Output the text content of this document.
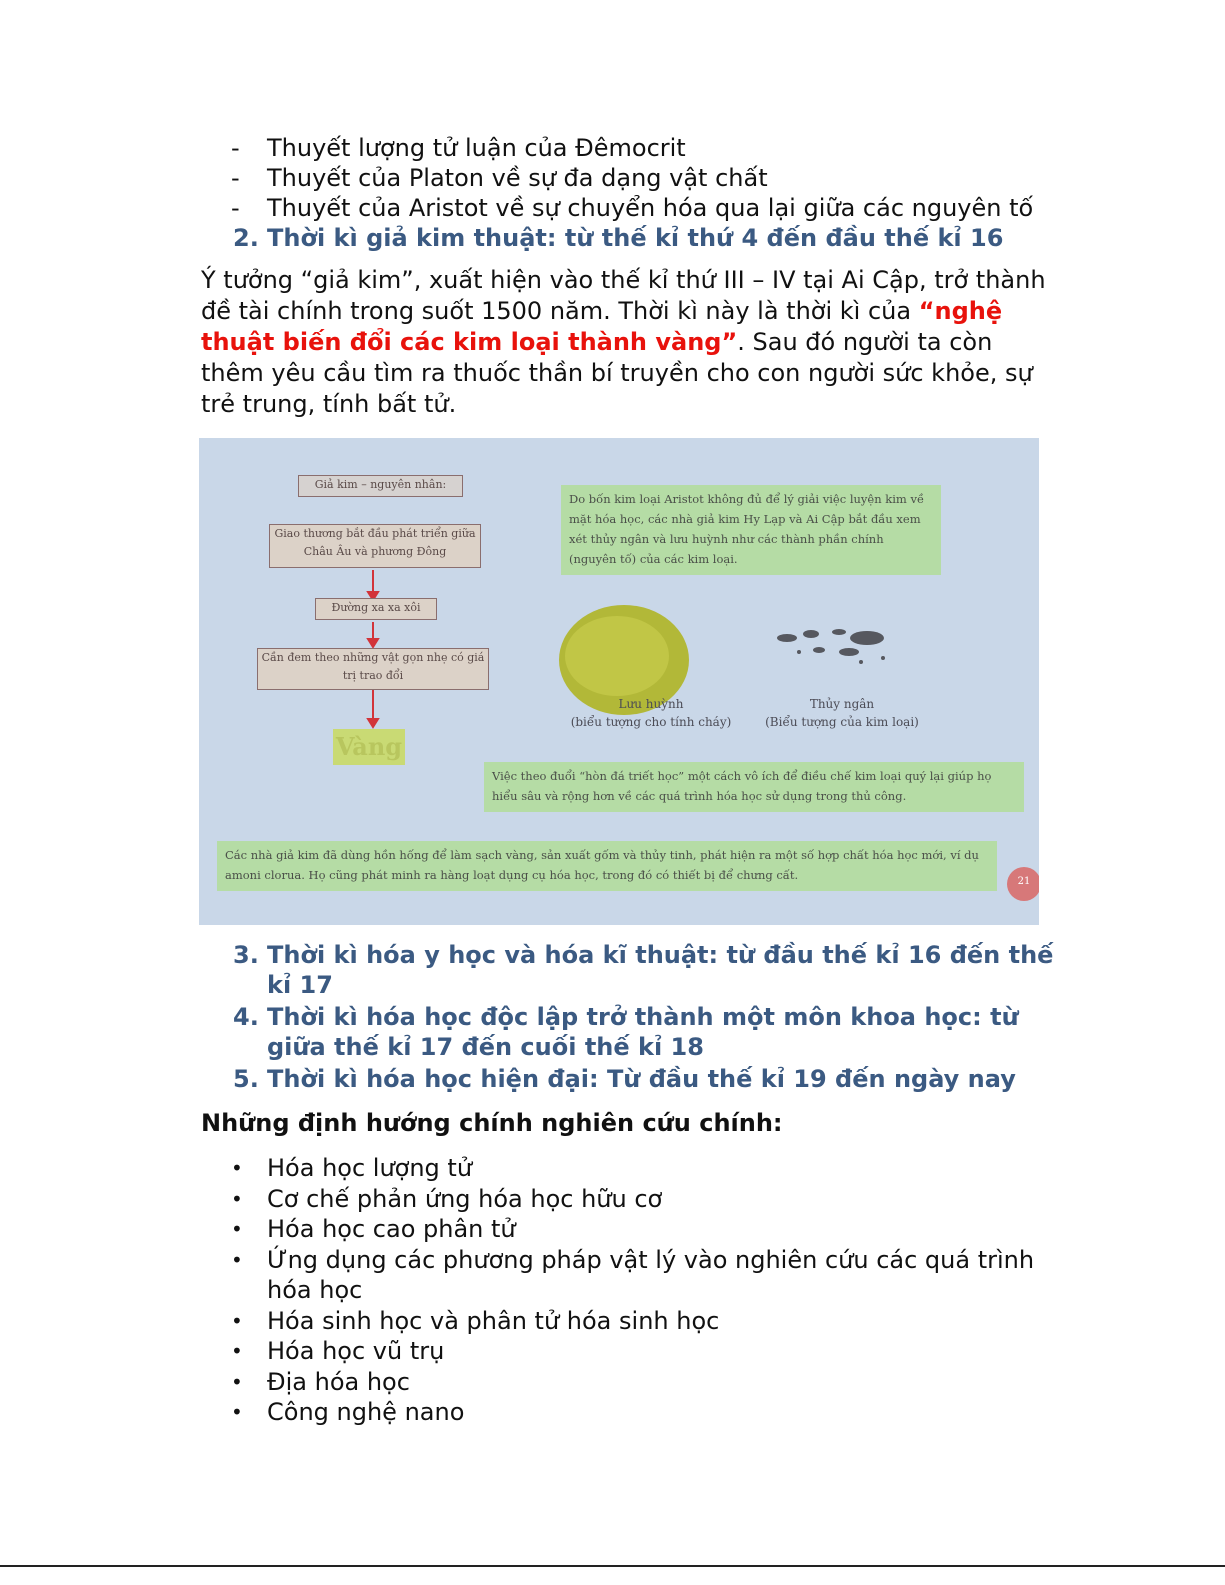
- Thuyết lượng tử luận của Đêmocrit
- Thuyết của Platon về sự đa dạng vật chất
- Thuyết của Aristot về sự chuyển hóa qua lại giữa các nguyên tố
2. Thời kì giả kim thuật: từ thế kỉ thứ 4 đến đầu thế kỉ 16

Ý tưởng “giả kim”, xuất hiện vào thế kỉ thứ III – IV tại Ai Cập, trở thành đề tài chính trong suốt 1500 năm. Thời kì này là thời kì của “nghệ thuật biến đổi các kim loại thành vàng”. Sau đó người ta còn thêm yêu cầu tìm ra thuốc thần bí truyền cho con người sức khỏe, sự trẻ trung, tính bất tử.

Giả kim – nguyên nhân:
Giao thương bắt đầu phát triển giữa Châu Âu và phương Đông
Đường xa xa xôi
Cần đem theo những vật gọn nhẹ có giá trị trao đổi
Vàng
Do bốn kim loại Aristot không đủ để lý giải việc luyện kim về mặt hóa học, các nhà giả kim Hy Lạp và Ai Cập bắt đầu xem xét thủy ngân và lưu huỳnh như các thành phần chính (nguyên tố) của các kim loại.
Lưu huỳnh
(biểu tượng cho tính cháy)
Thủy ngân
(Biểu tượng của kim loại)
Việc theo đuổi “hòn đá triết học” một cách vô ích để điều chế kim loại quý lại giúp họ hiểu sâu và rộng hơn về các quá trình hóa học sử dụng trong thủ công.
Các nhà giả kim đã dùng hồn hống để làm sạch vàng, sản xuất gốm và thủy tinh, phát hiện ra một số hợp chất hóa học mới, ví dụ amoni clorua. Họ cũng phát minh ra hàng loạt dụng cụ hóa học, trong đó có thiết bị để chưng cất.	21
3. Thời kì hóa y học và hóa kĩ thuật: từ đầu thế kỉ 16 đến thế kỉ 17
4. Thời kì hóa học độc lập trở thành một môn khoa học: từ giữa thế kỉ 17 đến cuối thế kỉ 18
5. Thời kì hóa học hiện đại: Từ đầu thế kỉ 19 đến ngày nay
Những định hướng chính nghiên cứu chính:
• Hóa học lượng tử
• Cơ chế phản ứng hóa học hữu cơ
• Hóa học cao phân tử
• Ứng dụng các phương pháp vật lý vào nghiên cứu các quá trình hóa học
• Hóa sinh học và phân tử hóa sinh học
• Hóa học vũ trụ
• Địa hóa học
• Công nghệ nano
